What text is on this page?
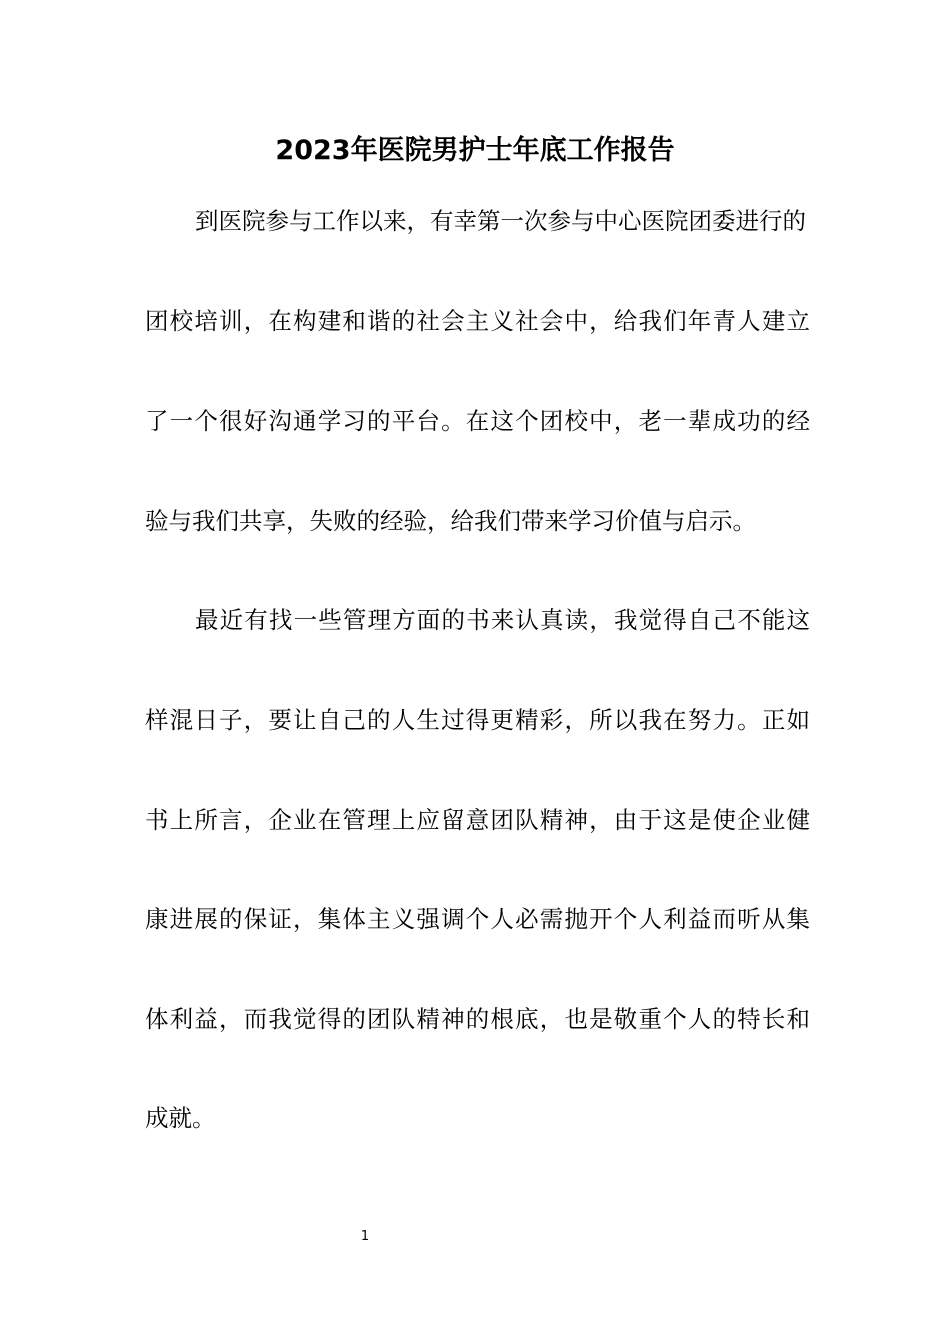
2023年医院男护士年底工作报告

到医院参与工作以来，有幸第一次参与中心医院团委进行的

团校培训，在构建和谐的社会主义社会中，给我们年青人建立

了一个很好沟通学习的平台。在这个团校中，老一辈成功的经

验与我们共享，失败的经验，给我们带来学习价值与启示。

最近有找一些管理方面的书来认真读，我觉得自己不能这

样混日子，要让自己的人生过得更精彩，所以我在努力。正如

书上所言，企业在管理上应留意团队精神，由于这是使企业健

康进展的保证，集体主义强调个人必需抛开个人利益而听从集

体利益，而我觉得的团队精神的根底，也是敬重个人的特长和

成就。

1
